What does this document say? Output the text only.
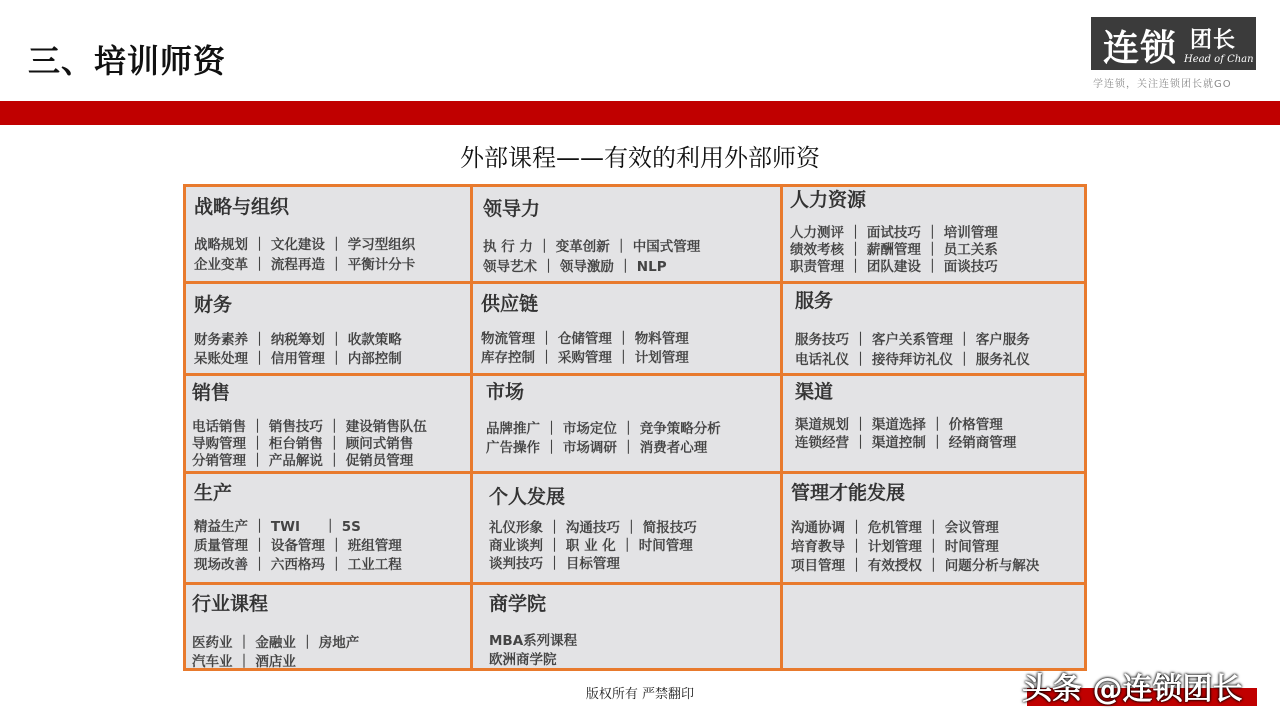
三、培训师资	连锁 团长
Head of Chan
学连锁，关注连锁团长就GO
外部课程——有效的利用外部师资
战略与组织
战略规划 ｜ 文化建设 ｜ 学习型组织
企业变革 ｜ 流程再造 ｜ 平衡计分卡
领导力
执 行 力 ｜ 变革创新 ｜ 中国式管理
领导艺术 ｜ 领导激励 ｜ NLP
人力资源
人力测评 ｜ 面试技巧 ｜ 培训管理
绩效考核 ｜ 薪酬管理 ｜ 员工关系
职责管理 ｜ 团队建设 ｜ 面谈技巧
财务
财务素养 ｜ 纳税筹划 ｜ 收款策略
呆账处理 ｜ 信用管理 ｜ 内部控制
供应链
物流管理 ｜ 仓储管理 ｜ 物料管理
库存控制 ｜ 采购管理 ｜ 计划管理
服务
服务技巧 ｜ 客户关系管理 ｜ 客户服务
电话礼仪 ｜ 接待拜访礼仪 ｜ 服务礼仪
销售
电话销售 ｜ 销售技巧 ｜ 建设销售队伍
导购管理 ｜ 柜台销售 ｜ 顾问式销售
分销管理 ｜ 产品解说 ｜ 促销员管理
市场
品牌推广 ｜ 市场定位 ｜ 竞争策略分析
广告操作 ｜ 市场调研 ｜ 消费者心理
渠道
渠道规划 ｜ 渠道选择 ｜ 价格管理
连锁经营 ｜ 渠道控制 ｜ 经销商管理
生产
精益生产 ｜ TWI     ｜ 5S
质量管理 ｜ 设备管理 ｜ 班组管理
现场改善 ｜ 六西格玛 ｜ 工业工程
个人发展
礼仪形象 ｜ 沟通技巧 ｜ 简报技巧
商业谈判 ｜ 职 业 化 ｜ 时间管理
谈判技巧 ｜ 目标管理
管理才能发展
沟通协调 ｜ 危机管理 ｜ 会议管理
培育教导 ｜ 计划管理 ｜ 时间管理
项目管理 ｜ 有效授权 ｜ 问题分析与解决
行业课程
医药业 ｜ 金融业 ｜ 房地产
汽车业 ｜ 酒店业
商学院
MBA系列课程
欧洲商学院
版权所有 严禁翻印	头条 @连锁团长
